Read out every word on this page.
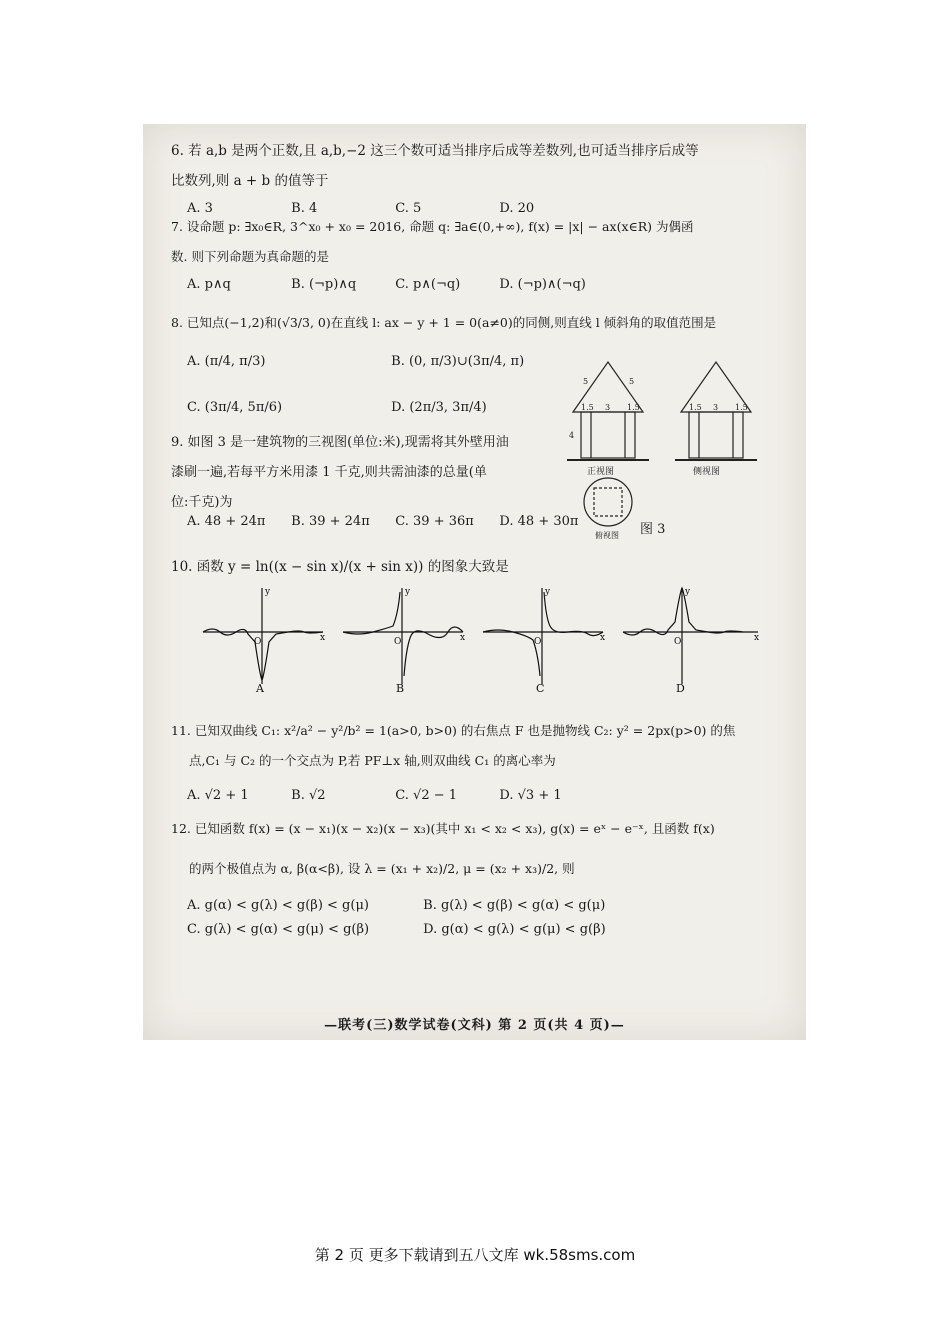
6. 若 a,b 是两个正数,且 a,b,−2 这三个数可适当排序后成等差数列,也可适当排序后成等
比数列,则 a + b 的值等于
A. 3	B. 4	C. 5	D. 20
7. 设命题 p: ∃x₀∈R, 3^x₀ + x₀ = 2016, 命题 q: ∃a∈(0,+∞), f(x) = |x| − ax(x∈R) 为偶函
数. 则下列命题为真命题的是
A. p∧q	B. (¬p)∧q	C. p∧(¬q)	D. (¬p)∧(¬q)
8. 已知点(−1,2)和(√3/3, 0)在直线 l: ax − y + 1 = 0(a≠0)的同侧,则直线 l 倾斜角的取值范围是
A. (π/4, π/3)	B. (0, π/3)∪(3π/4, π)
C. (3π/4, 5π/6)	D. (2π/3, 3π/4)
9. 如图 3 是一建筑物的三视图(单位:米),现需将其外壁用油
漆刷一遍,若每平方米用漆 1 千克,则共需油漆的总量(单
位:千克)为
A. 48 + 24π B. 39 + 24π C. 39 + 36π D. 48 + 30π
1.5 3 1.5
5	5
4
正视图
1.5 3 1.5
侧视图
俯视图 图 3
10. 函数 y = ln((x − sin x)/(x + sin x)) 的图象大致是
x
y
O
A
x
y
O
B
x
y
O
C
x
y
O
D
11. 已知双曲线 C₁: x²/a² − y²/b² = 1(a>0, b>0) 的右焦点 F 也是抛物线 C₂: y² = 2px(p>0) 的焦
点,C₁ 与 C₂ 的一个交点为 P,若 PF⊥x 轴,则双曲线 C₁ 的离心率为
A. √2 + 1	B. √2	C. √2 − 1	D. √3 + 1
12. 已知函数 f(x) = (x − x₁)(x − x₂)(x − x₃)(其中 x₁ < x₂ < x₃), g(x) = eˣ − e⁻ˣ, 且函数 f(x)
的两个极值点为 α, β(α<β), 设 λ = (x₁ + x₂)/2, μ = (x₂ + x₃)/2, 则
A. g(α) < g(λ) < g(β) < g(μ)	B. g(λ) < g(β) < g(α) < g(μ)
C. g(λ) < g(α) < g(μ) < g(β)	D. g(α) < g(λ) < g(μ) < g(β)
—联考(三)数学试卷(文科) 第 2 页(共 4 页)—
第 2 页 更多下载请到五八文库 wk.58sms.com
